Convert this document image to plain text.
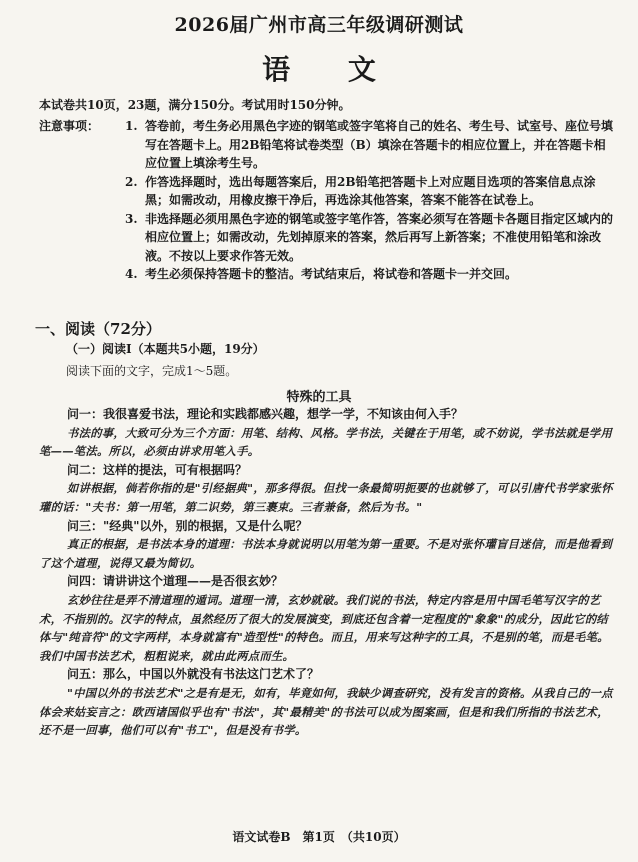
2026届广州市高三年级调研测试
语 文
本试卷共10页，23题，满分150分。考试用时150分钟。
注意事项： 1. 答卷前，考生务必用黑色字迹的钢笔或签字笔将自己的姓名、考生号、试室号、座位号填写在答题卡上。用2B铅笔将试卷类型（B）填涂在答题卡的相应位置上，并在答题卡相应位置上填涂考生号。
2. 作答选择题时，选出每题答案后，用2B铅笔把答题卡上对应题目选项的答案信息点涂黑；如需改动，用橡皮擦干净后，再选涂其他答案，答案不能答在试卷上。
3. 非选择题必须用黑色字迹的钢笔或签字笔作答，答案必须写在答题卡各题目指定区域内的相应位置上；如需改动，先划掉原来的答案，然后再写上新答案；不准使用铅笔和涂改液。不按以上要求作答无效。
4. 考生必须保持答题卡的整洁。考试结束后，将试卷和答题卡一并交回。
一、阅读（72分）
（一）阅读Ⅰ（本题共5小题，19分）
阅读下面的文字，完成1～5题。
特殊的工具
问一：我很喜爱书法，理论和实践都感兴趣，想学一学，不知该由何入手？
书法的事，大致可分为三个方面：用笔、结构、风格。学书法，关键在于用笔，或不妨说，学书法就是学用笔——笔法。所以，必须由讲求用笔入手。
问二：这样的提法，可有根据吗？
如讲根据，倘若你指的是"引经据典"，那多得很。但找一条最简明扼要的也就够了，可以引唐代书学家张怀瓘的话："夫书：第一用笔，第二识势，第三裹束。三者兼备，然后为书。"
问三："经典"以外，别的根据，又是什么呢？
真正的根据，是书法本身的道理：书法本身就说明以用笔为第一重要。不是对张怀瓘盲目迷信，而是他看到了这个道理，说得又最为简切。
问四：请讲讲这个道理——是否很玄妙？
玄妙往往是弄不清道理的遁词。道理一清，玄妙就破。我们说的书法，特定内容是用中国毛笔写汉字的艺术，不指别的。汉字的特点，虽然经历了很大的发展演变，到底还包含着一定程度的"象象"的成分，因此它的结体与"纯音符"的文字两样，本身就富有"造型性"的特色。而且，用来写这种字的工具，不是别的笔，而是毛笔。我们中国书法艺术，粗粗说来，就由此两点而生。
问五：那么，中国以外就没有书法这门艺术了？
"中国以外的书法艺术"之是有是无，如有，毕竟如何，我缺少调查研究，没有发言的资格。从我自己的一点体会来姑妄言之：欧西诸国似乎也有"书法"，其"最精美"的书法可以成为图案画，但是和我们所指的书法艺术，还不是一回事，他们可以有"书工"，但是没有书学。
语文试卷B　第1页　（共10页）
